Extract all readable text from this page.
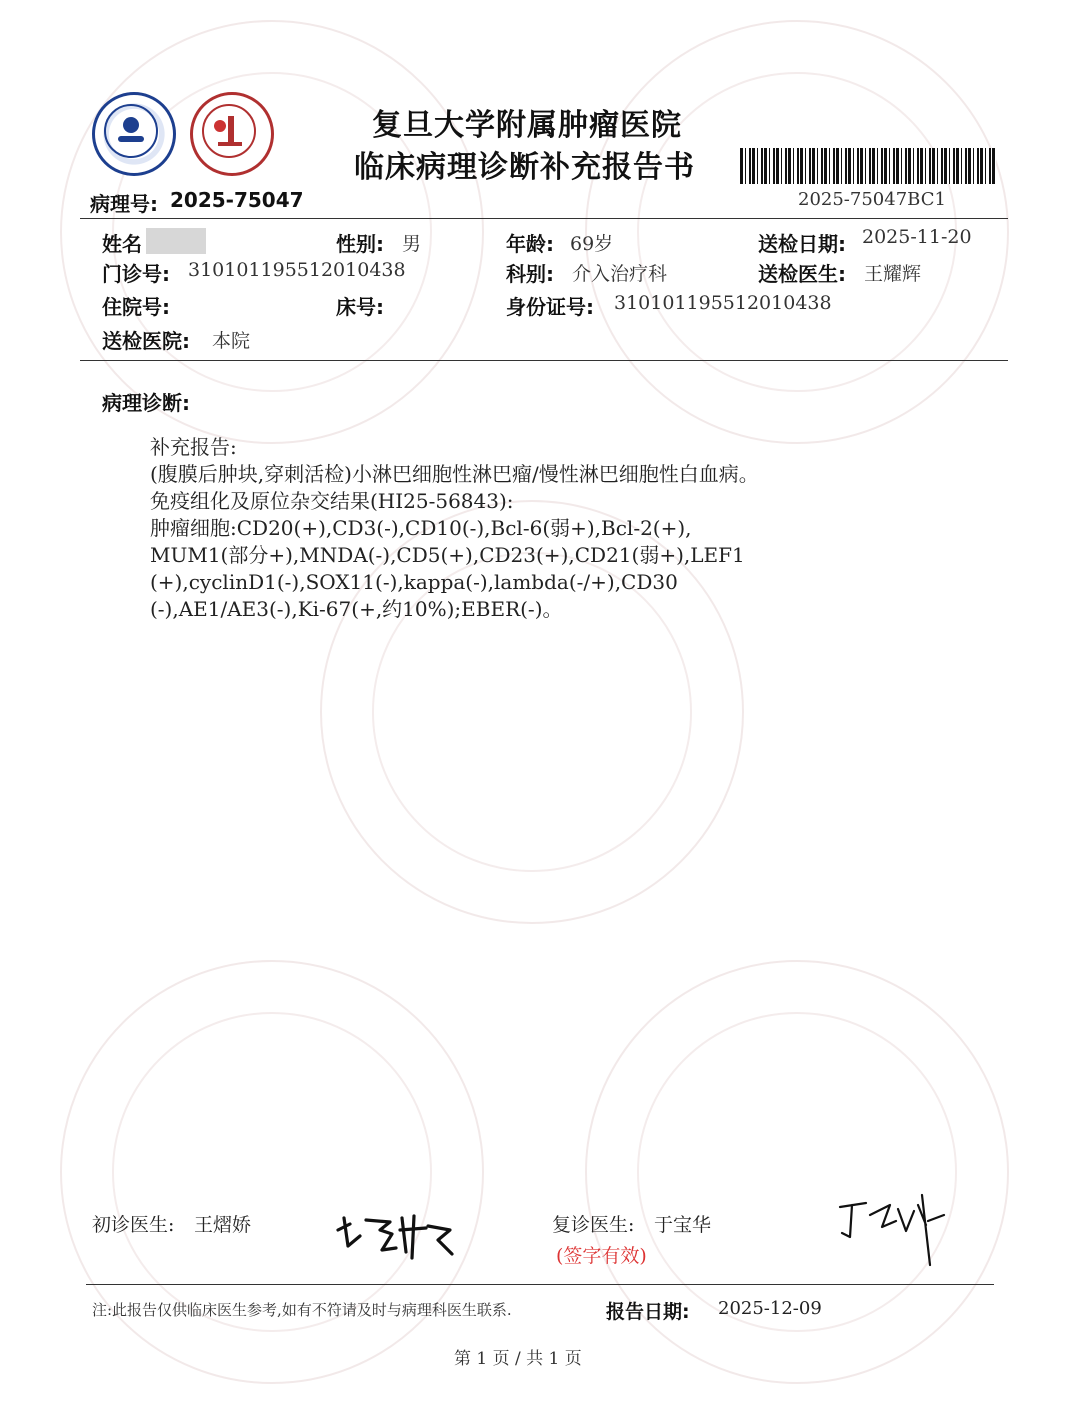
复旦大学附属肿瘤医院
临床病理诊断补充报告书
病理号: 2025-75047	2025-75047BC1
姓名	性别: 男	年龄: 69岁	送检日期: 2025-11-20
门诊号: 310101195512010438	科别: 介入治疗科	送检医生: 王耀辉
住院号:	床号:	身份证号: 310101195512010438
送检医院: 本院
病理诊断:
补充报告:
(腹膜后肿块,穿刺活检)小淋巴细胞性淋巴瘤/慢性淋巴细胞性白血病。
免疫组化及原位杂交结果(HI25-56843):
肿瘤细胞:CD20(+),CD3(-),CD10(-),Bcl-6(弱+),Bcl-2(+),
MUM1(部分+),MNDA(-),CD5(+),CD23(+),CD21(弱+),LEF1
(+),cyclinD1(-),SOX11(-),kappa(-),lambda(-/+),CD30
(-),AE1/AE3(-),Ki-67(+,约10%);EBER(-)。
初诊医生: 王熠娇	复诊医生: 于宝华
(签字有效)
注:此报告仅供临床医生参考,如有不符请及时与病理科医生联系.	报告日期: 2025-12-09
第 1 页 / 共 1 页
